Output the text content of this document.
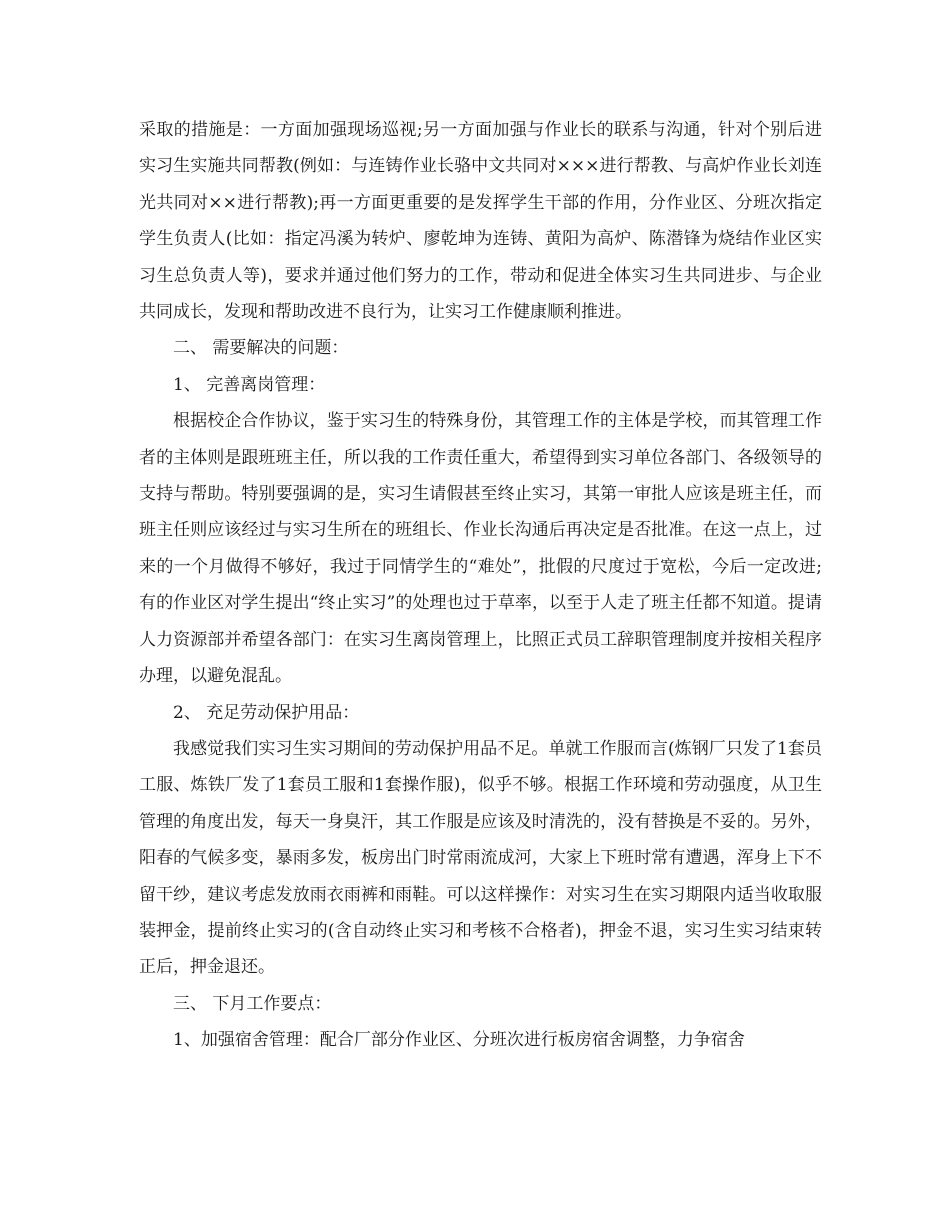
采取的措施是：一方面加强现场巡视;另一方面加强与作业长的联系与沟通，针对个别后进实习生实施共同帮教(例如：与连铸作业长骆中文共同对×××进行帮教、与高炉作业长刘连光共同对××进行帮教);再一方面更重要的是发挥学生干部的作用，分作业区、分班次指定学生负责人(比如：指定冯溪为转炉、廖乾坤为连铸、黄阳为高炉、陈潜锋为烧结作业区实习生总负责人等)，要求并通过他们努力的工作，带动和促进全体实习生共同进步、与企业共同成长，发现和帮助改进不良行为，让实习工作健康顺利推进。

二、 需要解决的问题：

1、 完善离岗管理：

根据校企合作协议，鉴于实习生的特殊身份，其管理工作的主体是学校，而其管理工作者的主体则是跟班班主任，所以我的工作责任重大，希望得到实习单位各部门、各级领导的支持与帮助。特别要强调的是，实习生请假甚至终止实习，其第一审批人应该是班主任，而班主任则应该经过与实习生所在的班组长、作业长沟通后再决定是否批准。在这一点上，过来的一个月做得不够好，我过于同情学生的“难处”，批假的尺度过于宽松，今后一定改进;有的作业区对学生提出“终止实习”的处理也过于草率，以至于人走了班主任都不知道。提请人力资源部并希望各部门：在实习生离岗管理上，比照正式员工辞职管理制度并按相关程序办理，以避免混乱。

2、 充足劳动保护用品：

我感觉我们实习生实习期间的劳动保护用品不足。单就工作服而言(炼钢厂只发了1套员工服、炼铁厂发了1套员工服和1套操作服)，似乎不够。根据工作环境和劳动强度，从卫生管理的角度出发，每天一身臭汗，其工作服是应该及时清洗的，没有替换是不妥的。另外，阳春的气候多变，暴雨多发，板房出门时常雨流成河，大家上下班时常有遭遇，浑身上下不留干纱，建议考虑发放雨衣雨裤和雨鞋。可以这样操作：对实习生在实习期限内适当收取服装押金，提前终止实习的(含自动终止实习和考核不合格者)，押金不退，实习生实习结束转正后，押金退还。

三、 下月工作要点：

1、加强宿舍管理：配合厂部分作业区、分班次进行板房宿舍调整，力争宿舍
